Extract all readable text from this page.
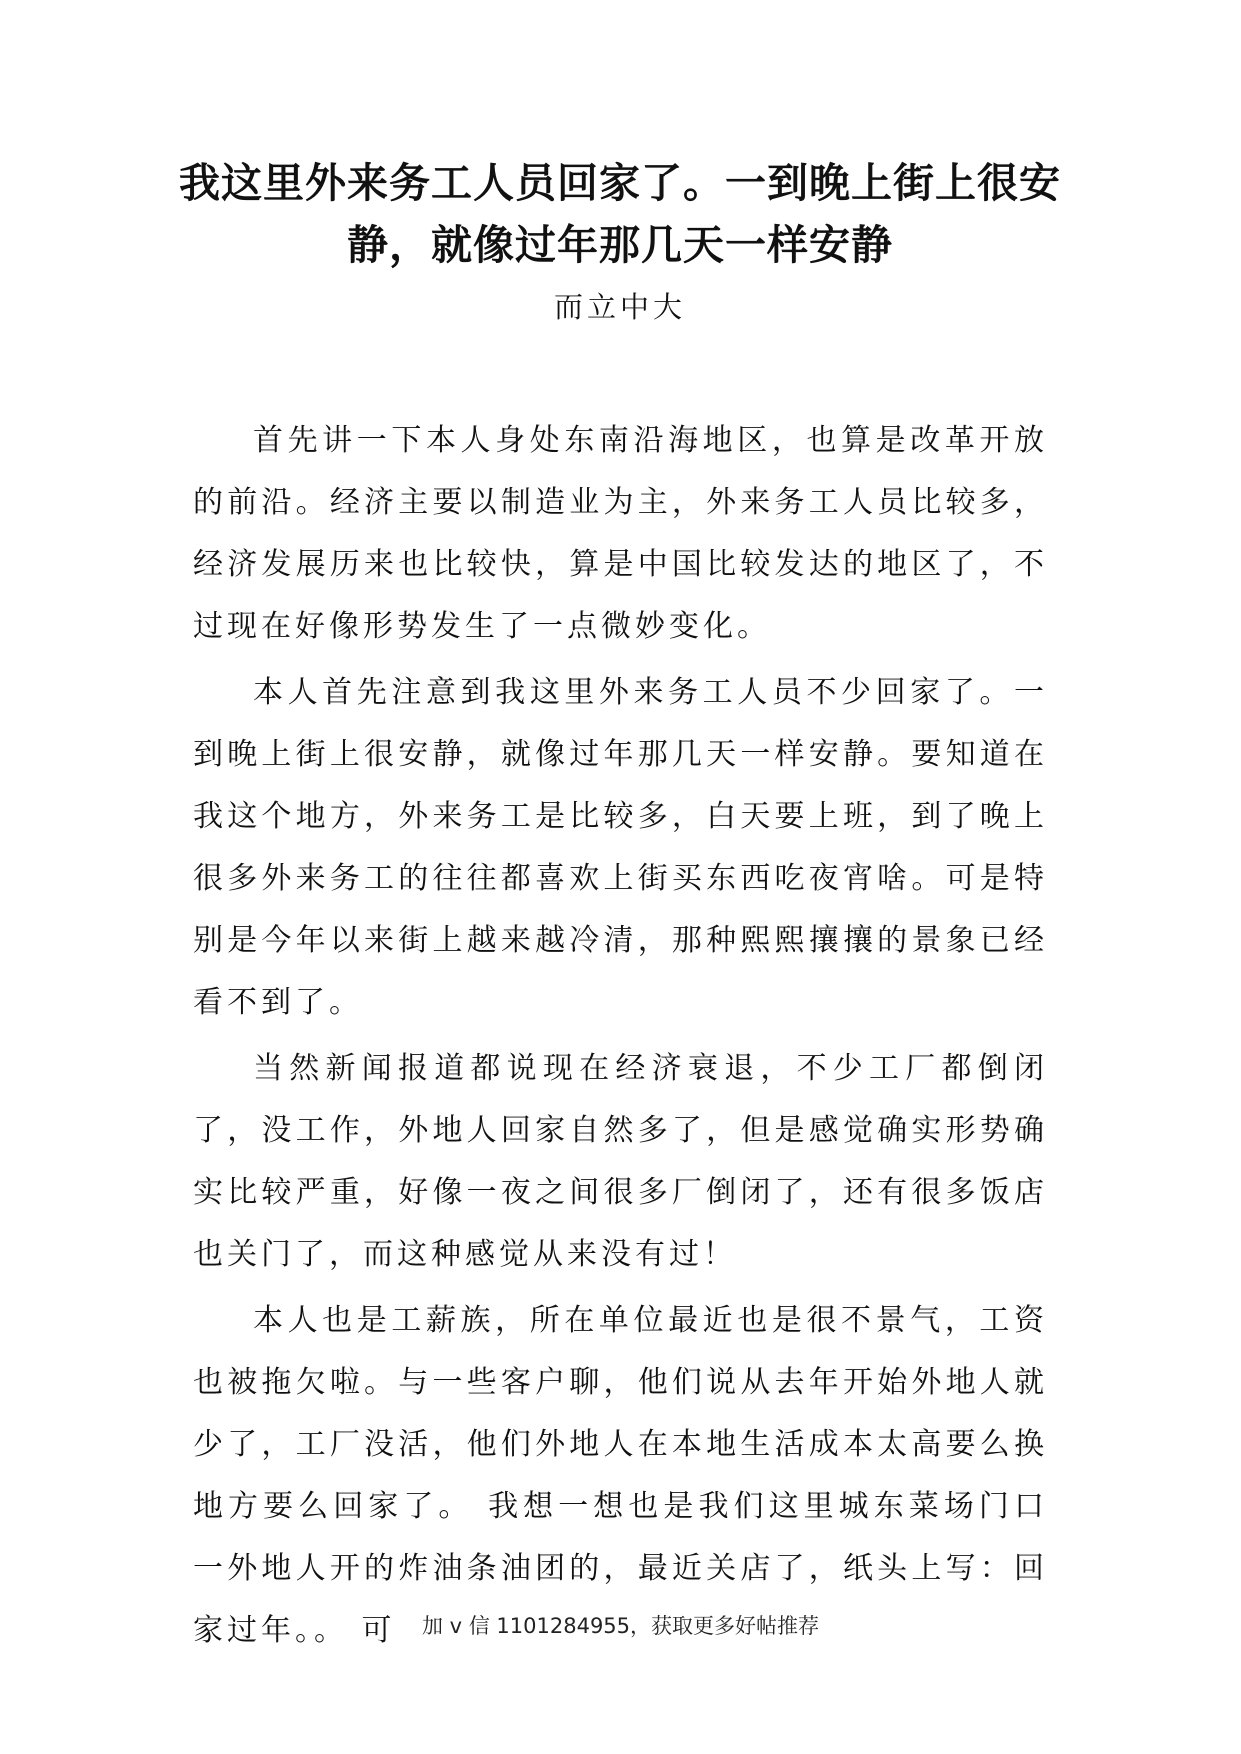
我这里外来务工人员回家了。一到晚上街上很安静，就像过年那几天一样安静
而立中大

首先讲一下本人身处东南沿海地区，也算是改革开放的前沿。经济主要以制造业为主，外来务工人员比较多，经济发展历来也比较快，算是中国比较发达的地区了，不过现在好像形势发生了一点微妙变化。

本人首先注意到我这里外来务工人员不少回家了。一到晚上街上很安静，就像过年那几天一样安静。要知道在我这个地方，外来务工是比较多，白天要上班，到了晚上很多外来务工的往往都喜欢上街买东西吃夜宵啥。可是特别是今年以来街上越来越冷清，那种熙熙攘攘的景象已经看不到了。

当然新闻报道都说现在经济衰退，不少工厂都倒闭了，没工作，外地人回家自然多了，但是感觉确实形势确实比较严重，好像一夜之间很多厂倒闭了，还有很多饭店也关门了，而这种感觉从来没有过！

本人也是工薪族，所在单位最近也是很不景气，工资也被拖欠啦。与一些客户聊，他们说从去年开始外地人就少了，工厂没活，他们外地人在本地生活成本太高要么换地方要么回家了。 我想一想也是我们这里城东菜场门口一外地人开的炸油条油团的，最近关店了，纸头上写：回家过年。。 可	加 v 信 1101284955，获取更多好帖推荐
